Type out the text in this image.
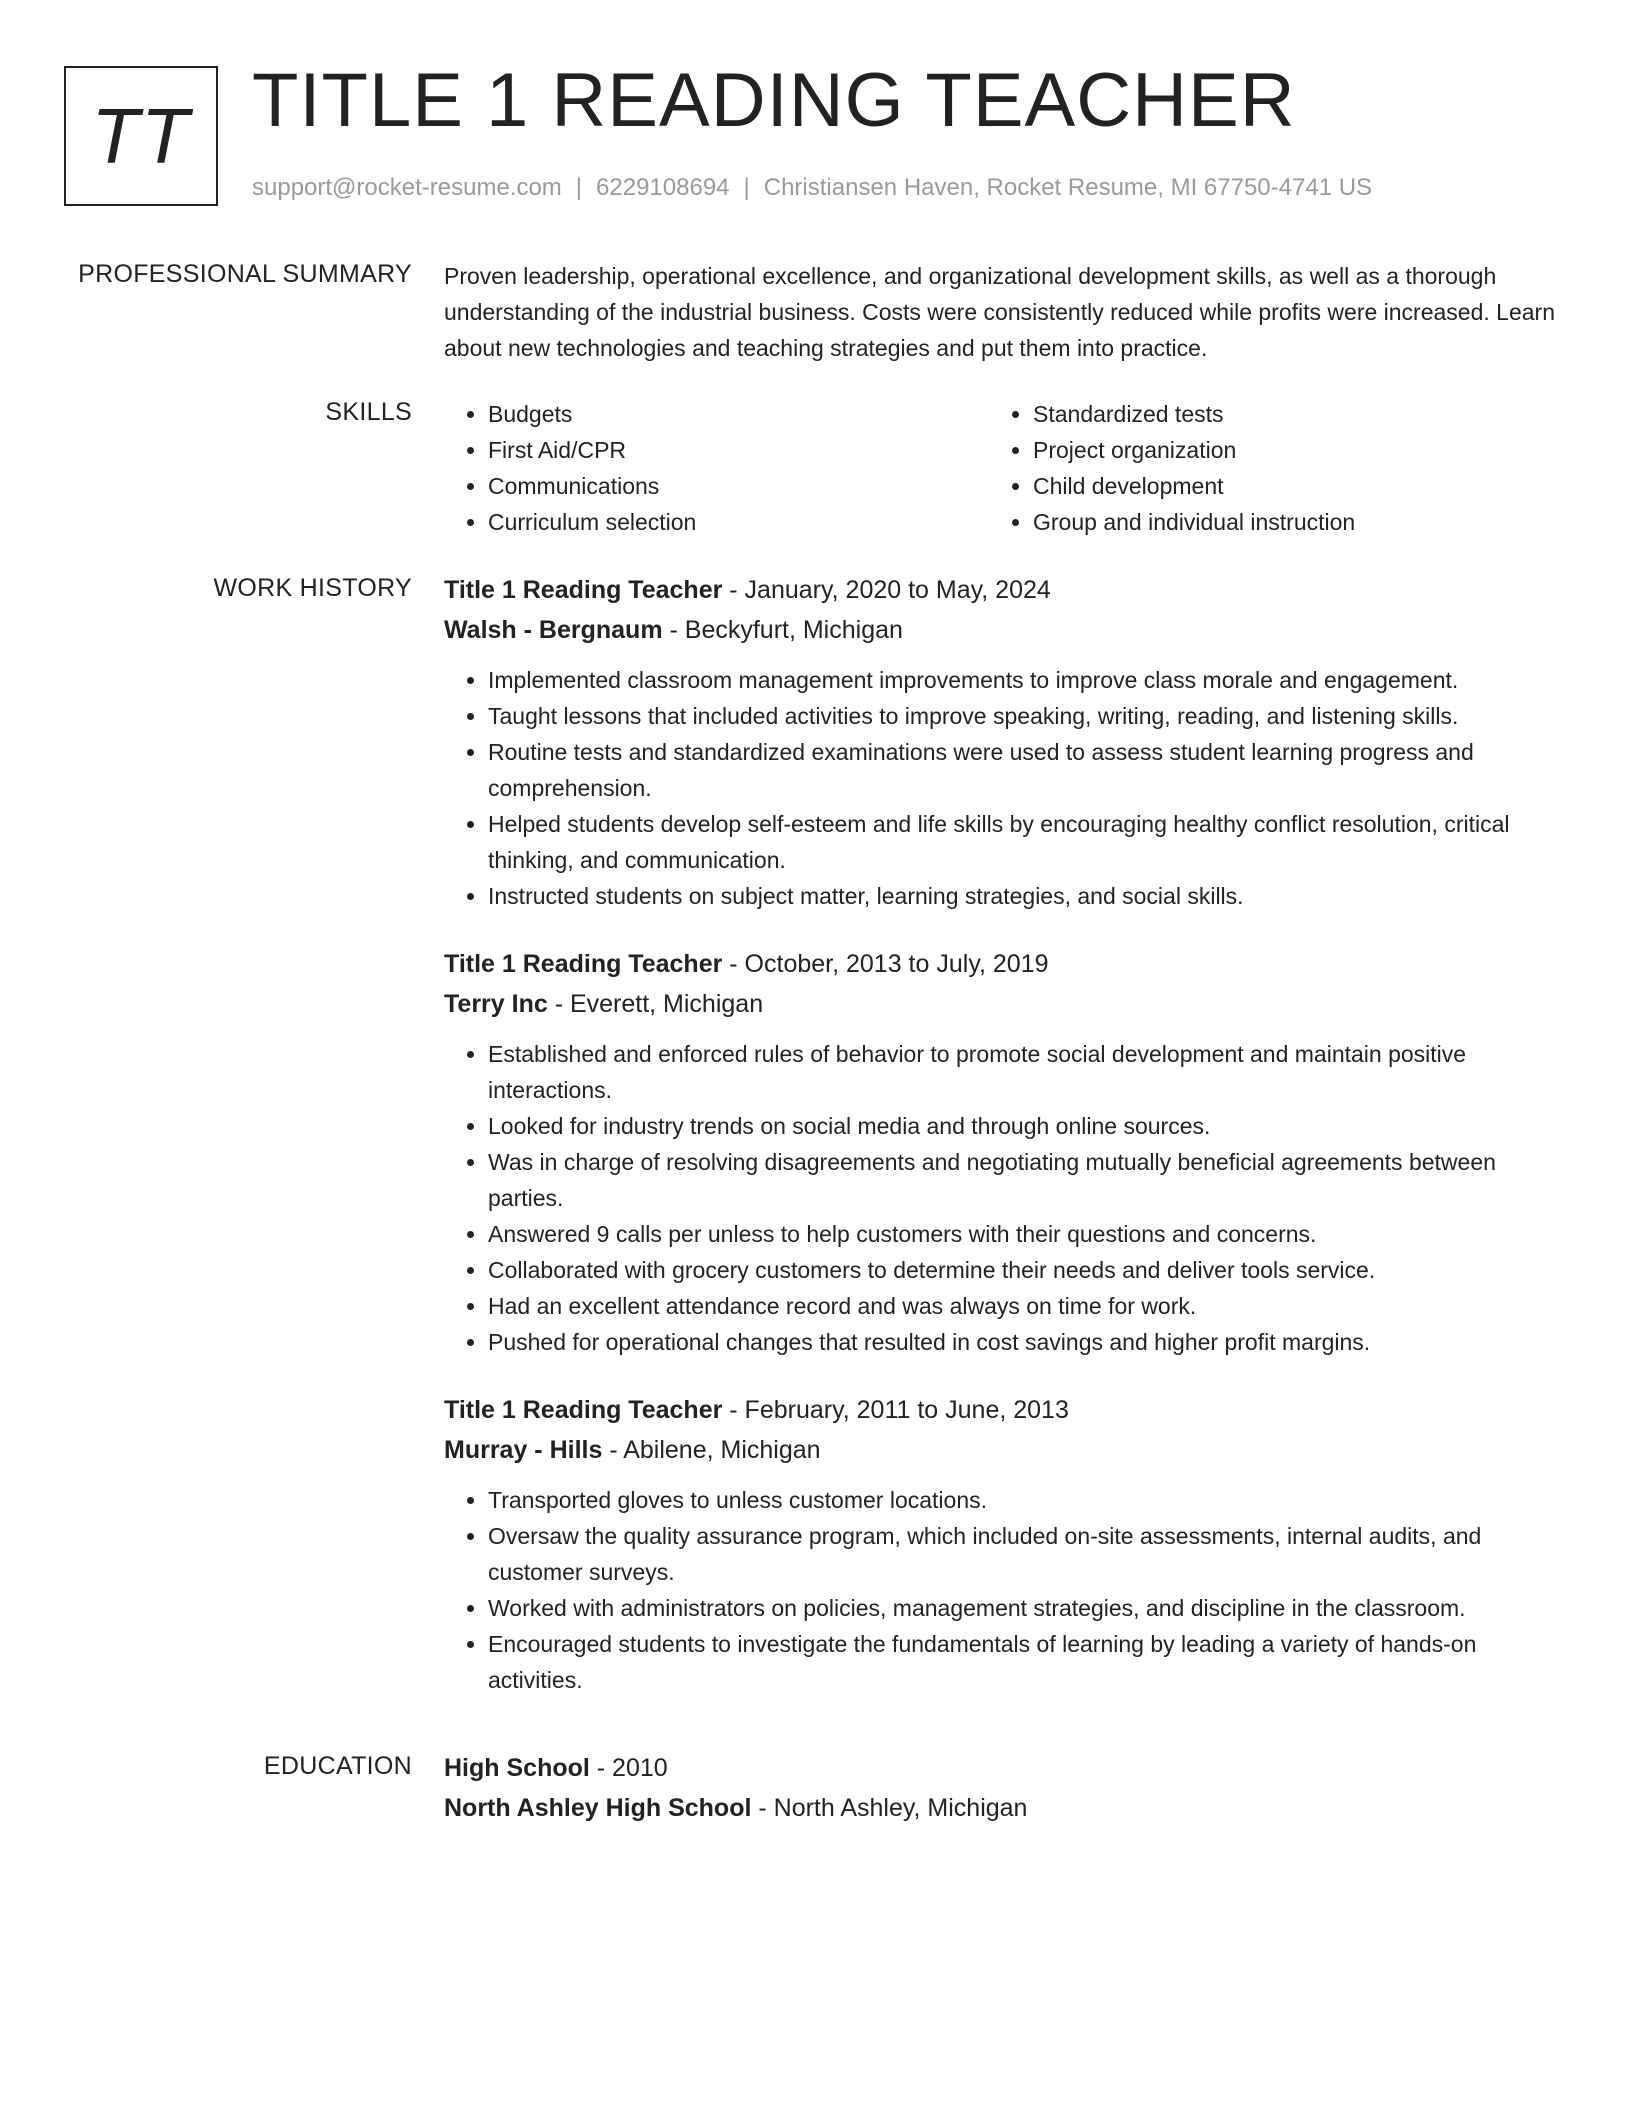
TT TITLE 1 READING TEACHER
support@rocket-resume.com | 6229108694 | Christiansen Haven, Rocket Resume, MI 67750-4741 US
PROFESSIONAL SUMMARY Proven leadership, operational excellence, and organizational development skills, as well as a thorough understanding of the industrial business. Costs were consistently reduced while profits were increased. Learn about new technologies and teaching strategies and put them into practice.

SKILLS
•	Budgets
• First Aid/CPR
• Communications
• Curriculum selection
• Standardized tests
• Project organization
• Child development
• Group and individual instruction
WORK HISTORY Title 1 Reading Teacher - January, 2020 to May, 2024
Walsh - Bergnaum - Beckyfurt, Michigan
• Implemented classroom management improvements to improve class morale and engagement.
• Taught lessons that included activities to improve speaking, writing, reading, and listening skills.
• Routine tests and standardized examinations were used to assess student learning progress and comprehension.
• Helped students develop self-esteem and life skills by encouraging healthy conflict resolution, critical thinking, and communication.
• Instructed students on subject matter, learning strategies, and social skills.
Title 1 Reading Teacher - October, 2013 to July, 2019
Terry Inc - Everett, Michigan
• Established and enforced rules of behavior to promote social development and maintain positive interactions.
• Looked for industry trends on social media and through online sources.
• Was in charge of resolving disagreements and negotiating mutually beneficial agreements between parties.
• Answered 9 calls per unless to help customers with their questions and concerns.
• Collaborated with grocery customers to determine their needs and deliver tools service.
• Had an excellent attendance record and was always on time for work.
• Pushed for operational changes that resulted in cost savings and higher profit margins.
Title 1 Reading Teacher - February, 2011 to June, 2013
Murray - Hills - Abilene, Michigan
• Transported gloves to unless customer locations.
• Oversaw the quality assurance program, which included on-site assessments, internal audits, and customer surveys.
• Worked with administrators on policies, management strategies, and discipline in the classroom.
• Encouraged students to investigate the fundamentals of learning by leading a variety of hands-on activities.
EDUCATION High School - 2010
North Ashley High School - North Ashley, Michigan
